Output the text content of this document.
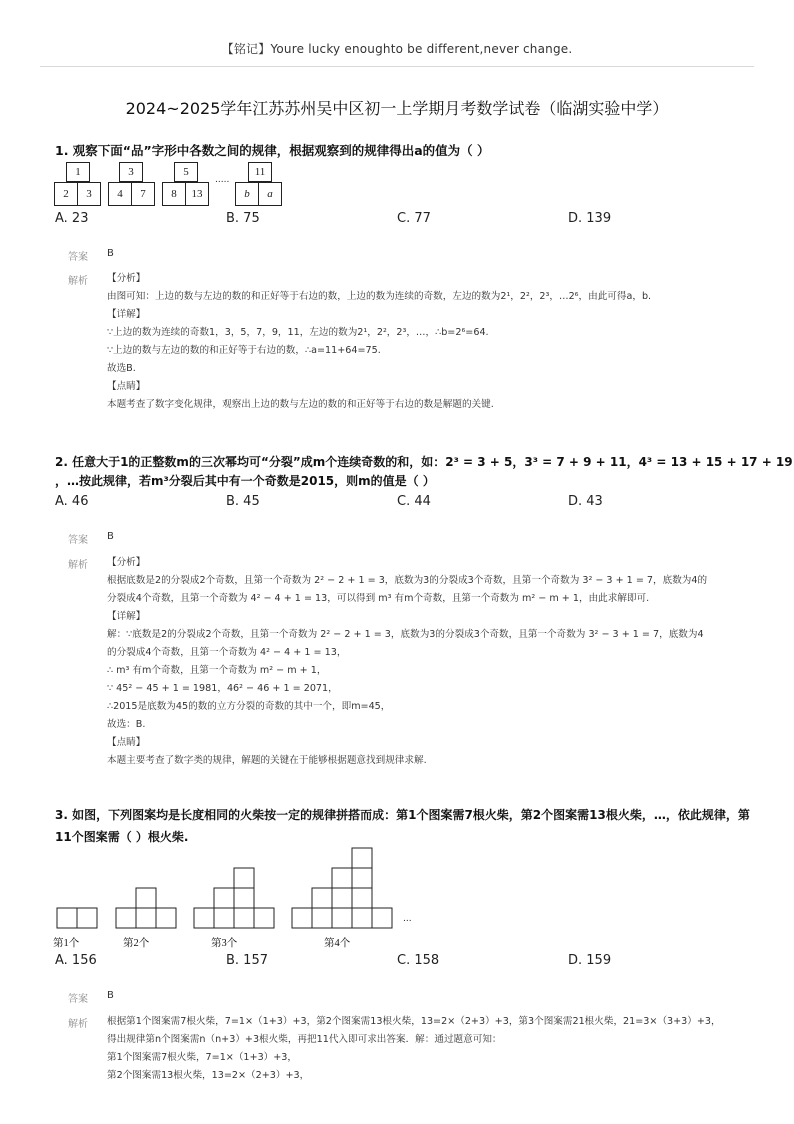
【铭记】Youre lucky enoughto be different,never change.
2024~2025学年江苏苏州吴中区初一上学期月考数学试卷（临湖实验中学）
1. 观察下面“品”字形中各数之间的规律，根据观察到的规律得出a的值为（ ）
1
2	3
3
4	7
5
8	13
.....
11
b	a
A. 23	B. 75	C. 77	D. 139
答案 B
解析 【分析】
由图可知：上边的数与左边的数的和正好等于右边的数，上边的数为连续的奇数，左边的数为2¹，2²，2³，…2⁶，由此可得a，b.
【详解】
∵上边的数为连续的奇数1，3，5，7，9，11，左边的数为2¹，2²，2³，…，∴b=2⁶=64.
∵上边的数与左边的数的和正好等于右边的数，∴a=11+64=75.
故选B.
【点睛】
本题考查了数字变化规律，观察出上边的数与左边的数的和正好等于右边的数是解题的关键.
2. 任意大于1的正整数m的三次幂均可“分裂”成m个连续奇数的和，如：2³ = 3 + 5，3³ = 7 + 9 + 11，4³ = 13 + 15 + 17 + 19
，…按此规律，若m³分裂后其中有一个奇数是2015，则m的值是（ ）
A. 46	B. 45	C. 44	D. 43
答案 B
解析 【分析】
根据底数是2的分裂成2个奇数，且第一个奇数为 2² − 2 + 1 = 3，底数为3的分裂成3个奇数，且第一个奇数为 3² − 3 + 1 = 7，底数为4的
分裂成4个奇数，且第一个奇数为 4² − 4 + 1 = 13，可以得到 m³ 有m个奇数，且第一个奇数为 m² − m + 1，由此求解即可.
【详解】
解：∵底数是2的分裂成2个奇数，且第一个奇数为 2² − 2 + 1 = 3，底数为3的分裂成3个奇数，且第一个奇数为 3² − 3 + 1 = 7，底数为4
的分裂成4个奇数，且第一个奇数为 4² − 4 + 1 = 13，
∴ m³ 有m个奇数，且第一个奇数为 m² − m + 1，
∵ 45² − 45 + 1 = 1981，46² − 46 + 1 = 2071，
∴2015是底数为45的数的立方分裂的奇数的其中一个，即m=45，
故选：B.
【点睛】
本题主要考查了数字类的规律，解题的关键在于能够根据题意找到规律求解.
3. 如图，下列图案均是长度相同的火柴按一定的规律拼搭而成：第1个图案需7根火柴，第2个图案需13根火柴，…，依此规律，第
11个图案需（ ）根火柴.
...
第1个	第2个	第3个	第4个
A. 156	B. 157	C. 158	D. 159
答案 B
解析 根据第1个图案需7根火柴，7=1×（1+3）+3，第2个图案需13根火柴，13=2×（2+3）+3，第3个图案需21根火柴，21=3×（3+3）+3，
得出规律第n个图案需n（n+3）+3根火柴，再把11代入即可求出答案．解：通过题意可知：
第1个图案需7根火柴，7=1×（1+3）+3，
第2个图案需13根火柴，13=2×（2+3）+3，
